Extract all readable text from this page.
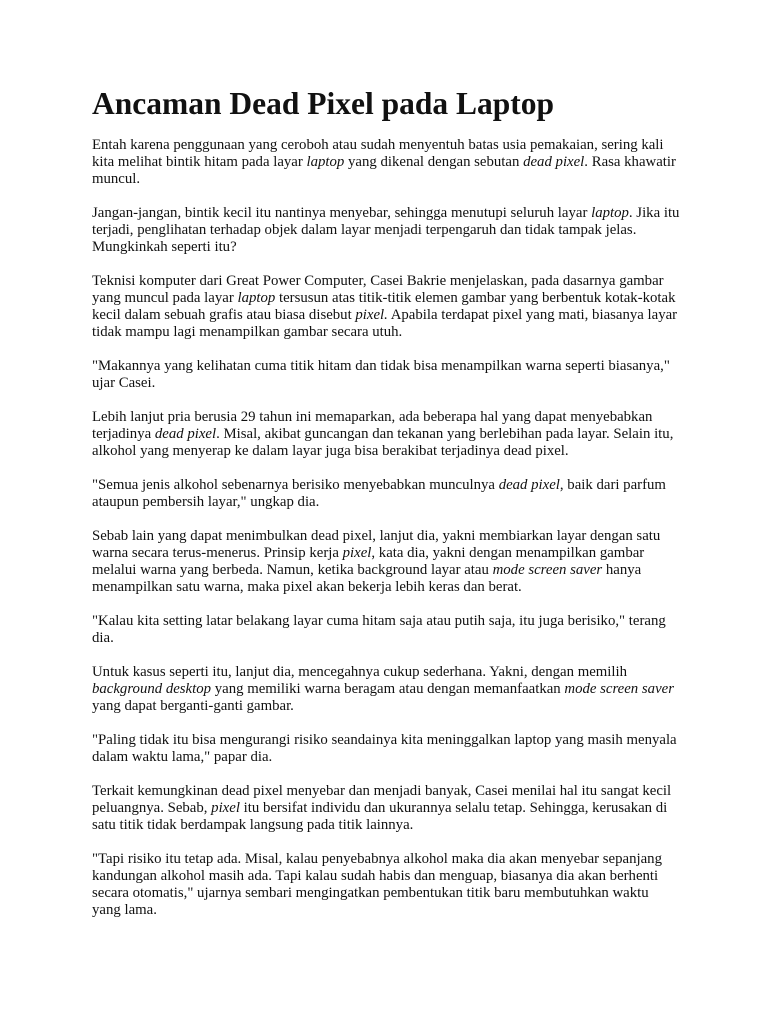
Ancaman Dead Pixel pada Laptop

Entah karena penggunaan yang ceroboh atau sudah menyentuh batas usia pemakaian, sering kali kita melihat bintik hitam pada layar laptop yang dikenal dengan sebutan dead pixel. Rasa khawatir muncul.

Jangan-jangan, bintik kecil itu nantinya menyebar, sehingga menutupi seluruh layar laptop. Jika itu terjadi, penglihatan terhadap objek dalam layar menjadi terpengaruh dan tidak tampak jelas. Mungkinkah seperti itu?

Teknisi komputer dari Great Power Computer, Casei Bakrie menjelaskan, pada dasarnya gambar yang muncul pada layar laptop tersusun atas titik-titik elemen gambar yang berbentuk kotak-kotak kecil dalam sebuah grafis atau biasa disebut pixel. Apabila terdapat pixel yang mati, biasanya layar tidak mampu lagi menampilkan gambar secara utuh.

"Makannya yang kelihatan cuma titik hitam dan tidak bisa menampilkan warna seperti biasanya," ujar Casei.

Lebih lanjut pria berusia 29 tahun ini memaparkan, ada beberapa hal yang dapat menyebabkan terjadinya dead pixel. Misal, akibat guncangan dan tekanan yang berlebihan pada layar. Selain itu, alkohol yang menyerap ke dalam layar juga bisa berakibat terjadinya dead pixel.

"Semua jenis alkohol sebenarnya berisiko menyebabkan munculnya dead pixel, baik dari parfum ataupun pembersih layar," ungkap dia.

Sebab lain yang dapat menimbulkan dead pixel, lanjut dia, yakni membiarkan layar dengan satu warna secara terus-menerus. Prinsip kerja pixel, kata dia, yakni dengan menampilkan gambar melalui warna yang berbeda. Namun, ketika background layar atau mode screen saver hanya menampilkan satu warna, maka pixel akan bekerja lebih keras dan berat.

"Kalau kita setting latar belakang layar cuma hitam saja atau putih saja, itu juga berisiko," terang dia.

Untuk kasus seperti itu, lanjut dia, mencegahnya cukup sederhana. Yakni, dengan memilih background desktop yang memiliki warna beragam atau dengan memanfaatkan mode screen saver yang dapat berganti-ganti gambar.

"Paling tidak itu bisa mengurangi risiko seandainya kita meninggalkan laptop yang masih menyala dalam waktu lama," papar dia.

Terkait kemungkinan dead pixel menyebar dan menjadi banyak, Casei menilai hal itu sangat kecil peluangnya. Sebab, pixel itu bersifat individu dan ukurannya selalu tetap. Sehingga, kerusakan di satu titik tidak berdampak langsung pada titik lainnya.

"Tapi risiko itu tetap ada. Misal, kalau penyebabnya alkohol maka dia akan menyebar sepanjang kandungan alkohol masih ada. Tapi kalau sudah habis dan menguap, biasanya dia akan berhenti secara otomatis," ujarnya sembari mengingatkan pembentukan titik baru membutuhkan waktu yang lama.
